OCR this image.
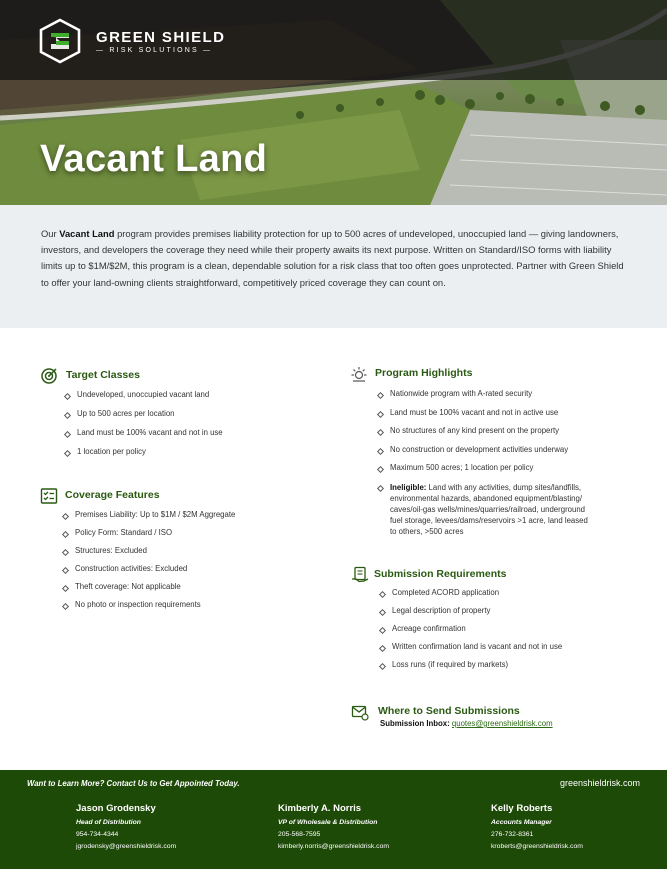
GREEN SHIELD
— RISK SOLUTIONS —
Vacant Land

Our Vacant Land program provides premises liability protection for up to 500 acres of undeveloped, unoccupied land — giving landowners, investors, and developers the coverage they need while their property awaits its next purpose. Written on Standard/ISO forms with liability limits up to $1M/$2M, this program is a clean, dependable solution for a risk class that too often goes unprotected. Partner with Green Shield to offer your land-owning clients straightforward, competitively priced coverage they can count on.

Target Classes
Undeveloped, unoccupied vacant land
Up to 500 acres per location
Land must be 100% vacant and not in use
1 location per policy
Coverage Features
Premises Liability: Up to $1M / $2M Aggregate
Policy Form: Standard / ISO
Structures: Excluded
Construction activities: Excluded
Theft coverage: Not applicable
No photo or inspection requirements
Program Highlights
Nationwide program with A-rated security
Land must be 100% vacant and not in active use
No structures of any kind present on the property
No construction or development activities underway
Maximum 500 acres; 1 location per policy
Ineligible: Land with any activities, dump sites/landfills,
environmental hazards, abandoned equipment/blasting/
caves/oil-gas wells/mines/quarries/railroad, underground
fuel storage, levees/dams/reservoirs >1 acre, land leased
to others, >500 acres
Submission Requirements
Completed ACORD application
Legal description of property
Acreage confirmation
Written confirmation land is vacant and not in use
Loss runs (if required by markets)
Where to Send Submissions
Submission Inbox: quotes@greenshieldrisk.com
Want to Learn More? Contact Us to Get Appointed Today.	greenshieldrisk.com
Jason Grodensky
Head of Distribution
954-734-4344
jgrodensky@greenshieldrisk.com
Kimberly A. Norris
VP of Wholesale & Distribution
205-568-7595
kimberly.norris@greenshieldrisk.com
Kelly Roberts
Accounts Manager
276-732-8361
kroberts@greenshieldrisk.com
